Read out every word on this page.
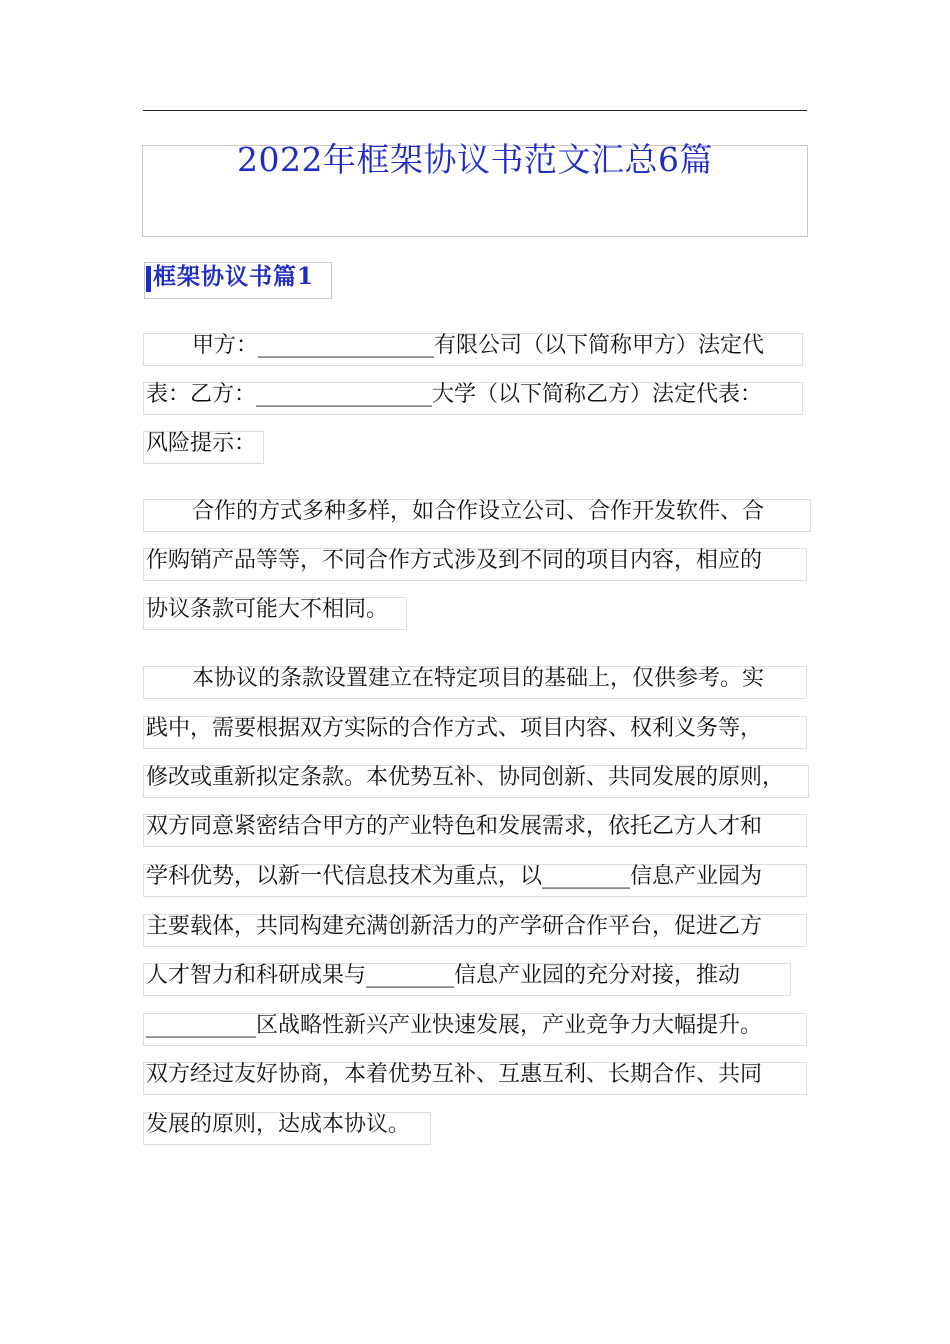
2022年框架协议书范文汇总6篇
框架协议书篇1
甲方：________________有限公司（以下简称甲方）法定代
表：乙方：________________大学（以下简称乙方）法定代表：
风险提示：
合作的方式多种多样，如合作设立公司、合作开发软件、合
作购销产品等等，不同合作方式涉及到不同的项目内容，相应的
协议条款可能大不相同。
本协议的条款设置建立在特定项目的基础上，仅供参考。实
践中，需要根据双方实际的合作方式、项目内容、权利义务等，
修改或重新拟定条款。本优势互补、协同创新、共同发展的原则，
双方同意紧密结合甲方的产业特色和发展需求，依托乙方人才和
学科优势，以新一代信息技术为重点，以________信息产业园为
主要载体，共同构建充满创新活力的产学研合作平台，促进乙方
人才智力和科研成果与________信息产业园的充分对接，推动
__________区战略性新兴产业快速发展，产业竞争力大幅提升。
双方经过友好协商，本着优势互补、互惠互利、长期合作、共同
发展的原则，达成本协议。
